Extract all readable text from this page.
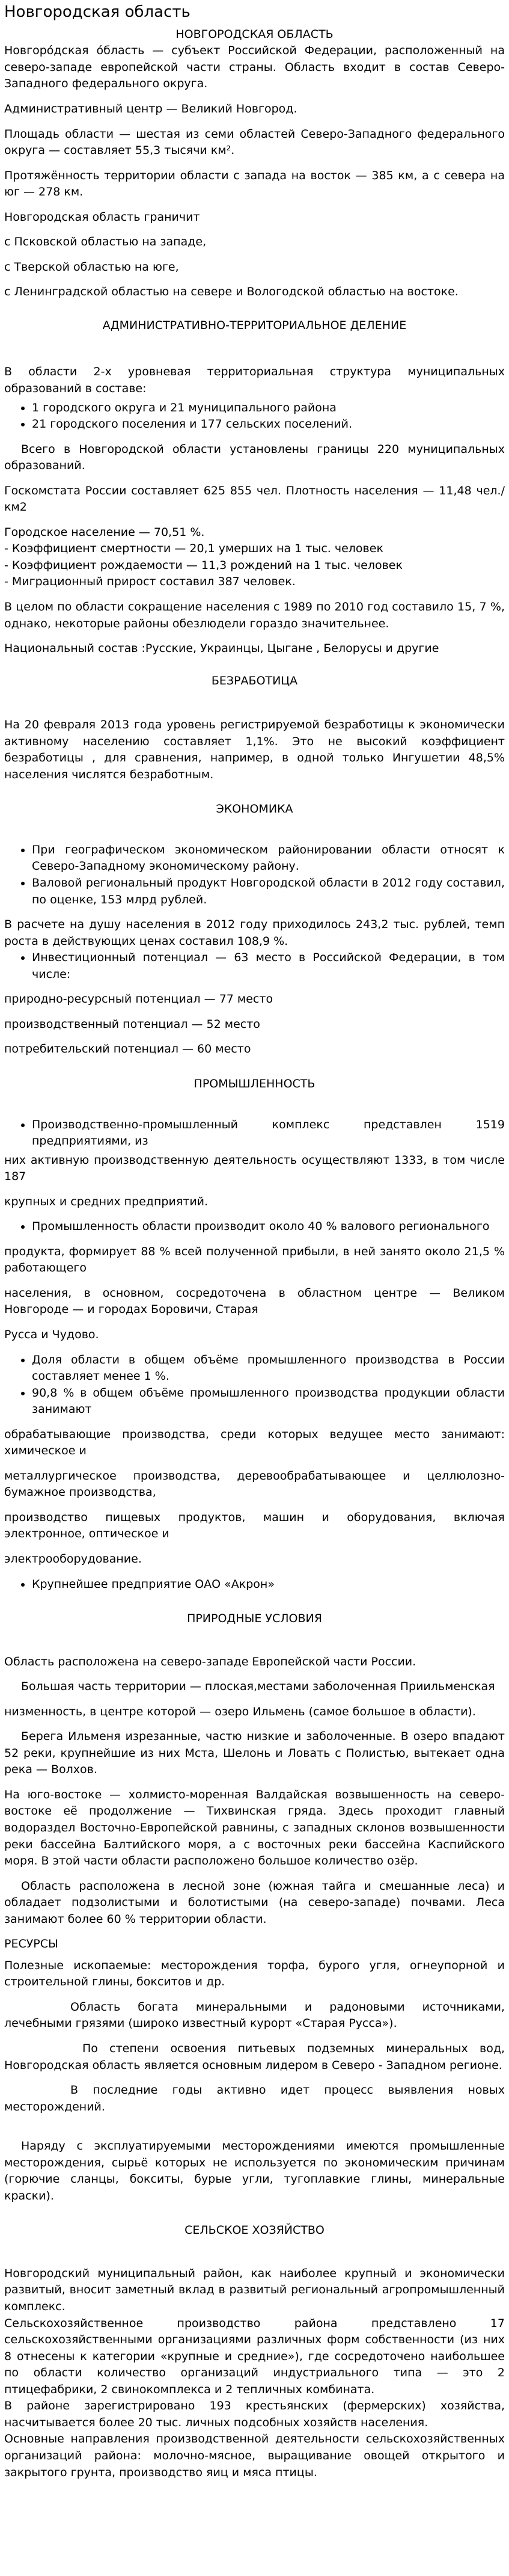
Новгородская область

НОВГОРОДСКАЯ ОБЛАСТЬ

Новгоро́дская о́бласть — субъект Российской Федерации, расположенный на северо-западе европейской части страны. Область входит в состав Северо-Западного федерального округа.

Административный центр — Великий Новгород.

Площадь области — шестая из семи областей Северо-Западного федерального округа — составляет 55,3 тысячи км².

Протяжённость территории области с запада на восток — 385 км, а с севера на юг — 278 км.

Новгородская область граничит

с Псковской областью на западе,

с Тверской областью на юге,

с Ленинградской областью на севере и Вологодской областью на востоке.

АДМИНИСТРАТИВНО-ТЕРРИТОРИАЛЬНОЕ ДЕЛЕНИЕ

В области 2-х уровневая территориальная структура муниципальных образований в составе:

• 1 городского округа и 21 муниципального района
• 21 городского поселения и 177 сельских поселений.

Всего в Новгородской области установлены границы 220 муниципальных образований.

Госкомстата России составляет 625 855 чел. Плотность населения — 11,48 чел./км2

Городское население — 70,51 %.

- Коэффициент смертности — 20,1 умерших на 1 тыс. человек

- Коэффициент рождаемости — 11,3 рождений на 1 тыс. человек

- Миграционный прирост составил 387 человек.

В целом по области сокращение населения с 1989 по 2010 год составило 15, 7 %, однако, некоторые районы обезлюдели гораздо значительнее.

Национальный состав :Русские, Украинцы, Цыгане , Белорусы и другие

БЕЗРАБОТИЦА

На 20 февраля 2013 года уровень регистрируемой безработицы к экономически активному населению составляет 1,1%. Это не высокий коэффициент безработицы , для сравнения, например, в одной только Ингушетии 48,5% населения числятся безработным.

ЭКОНОМИКА

• При географическом экономическом районировании области относят к Северо-Западному экономическому району.
• Валовой региональный продукт Новгородской области в 2012 году составил, по оценке, 153 млрд рублей.

В расчете на душу населения в 2012 году приходилось 243,2 тыс. рублей, темп роста в действующих ценах составил 108,9 %.

• Инвестиционный потенциал — 63 место в Российской Федерации, в том числе:

природно-ресурсный потенциал — 77 место

производственный потенциал — 52 место

потребительский потенциал — 60 место

ПРОМЫШЛЕННОСТЬ

• Производственно-промышленный комплекс представлен 1519 предприятиями, из

них активную производственную деятельность осуществляют 1333, в том числе 187

крупных и средних предприятий.

• Промышленность области производит около 40 % валового регионального

продукта, формирует 88 % всей полученной прибыли, в ней занято около 21,5 % работающего

населения, в основном, сосредоточена в областном центре — Великом Новгороде — и городах Боровичи, Старая

Русса и Чудово.

• Доля области в общем объёме промышленного производства в России составляет менее 1 %.
• 90,8 % в общем объёме промышленного производства продукции области занимают

обрабатывающие производства, среди которых ведущее место занимают: химическое и

металлургическое производства, деревообрабатывающее и целлюлозно-бумажное производства,

производство пищевых продуктов, машин и оборудования, включая электронное, оптическое и

электрооборудование.

• Крупнейшее предприятие ОАО «Акрон»

ПРИРОДНЫЕ УСЛОВИЯ

Область расположена на северо-западе Европейской части России.

Большая часть территории — плоская,местами заболоченная Приильменская

низменность, в центре которой — озеро Ильмень (самое большое в области).

Берега Ильменя изрезанные, частю низкие и заболоченные. В озеро впадают 52 реки, крупнейшие из них Мста, Шелонь и Ловать с Полистью, вытекает одна река — Волхов.

На юго-востоке — холмисто-моренная Валдайская возвышенность на северо-востоке её продолжение — Тихвинская гряда. Здесь проходит главный водораздел Восточно-Европейской равнины, с западных склонов возвышенности реки бассейна Балтийского моря, а с восточных реки бассейна Каспийского моря. В этой части области расположено большое количество озёр.

Область расположена в лесной зоне (южная тайга и смешанные леса) и обладает подзолистыми и болотистыми (на северо-западе) почвами. Леса занимают более 60 % территории области.

РЕСУРСЫ

Полезные ископаемые: месторождения торфа, бурого угля, огнеупорной и строительной глины, бокситов и др.

Область богата минеральными и радоновыми источниками, лечебными грязями (широко известный курорт «Старая Русса»).

По степени освоения питьевых подземных минеральных вод, Новгородская область является основным лидером в Северо - Западном регионе.

В последние годы активно идет процесс выявления новых месторождений.

Наряду с эксплуатируемыми месторождениями имеются промышленные месторождения, сырьё которых не используется по экономическим причинам (горючие сланцы, бокситы, бурые угли, тугоплавкие глины, минеральные краски).

СЕЛЬСКОЕ ХОЗЯЙСТВО

Новгородский муниципальный район, как наиболее крупный и экономически развитый, вносит заметный вклад в развитый региональный агропромышленный комплекс.

Сельскохозяйственное производство района представлено 17 сельскохозяйственными организациями различных форм собственности (из них 8 отнесены к категории «крупные и средние»), где сосредоточено наибольшее по области количество организаций индустриального типа — это 2 птицефабрики, 2 свинокомплекса и 2 тепличных комбината.

В районе зарегистрировано 193 крестьянских (фермерских) хозяйства, насчитывается более 20 тыс. личных подсобных хозяйств населения.

Основные направления производственной деятельности сельскохозяйственных организаций района: молочно-мясное, выращивание овощей открытого и закрытого грунта, производство яиц и мяса птицы.
